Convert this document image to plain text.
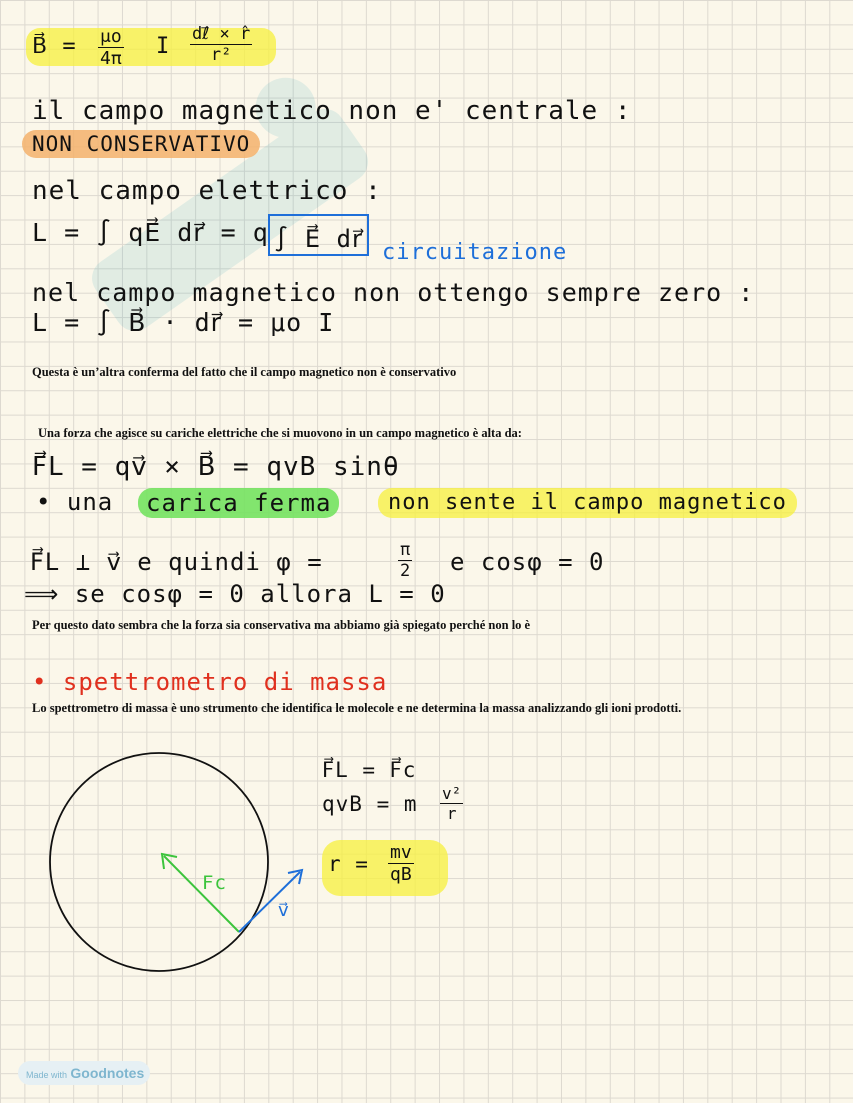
B⃗ = $\frac{\mu o}{4\pi}$ I dℓ⃗ × r̂
r²
il campo magnetico non e' centrale :
NON CONSERVATIVO
nel campo elettrico :
L = ∫ qE⃗ dr⃗ = q ∫ E⃗ dr⃗ circuitazione
nel campo magnetico non ottengo sempre zero :
L = ∫ B⃗ · dr⃗ = μo I
Questa è un’altra conferma del fatto che il campo magnetico non è conservativo
Una forza che agisce su cariche elettriche che si muovono in un campo magnetico è alta da:
F⃗L = qv⃗ × B⃗ = qvB sinθ
• una	carica ferma	non sente il campo magnetico
F⃗L ⊥ v⃗ e quindi φ =	$\frac{\pi}{2}$ e cosφ = 0
⟹ se cosφ = 0 allora L = 0
Per questo dato sembra che la forza sia conservativa ma abbiamo già spiegato perché non lo è
• spettrometro di massa
Lo spettrometro di massa è uno strumento che identifica le molecole e ne determina la massa analizzando gli ioni prodotti.
Fc
v⃗
F⃗L = F⃗c
qvB = m $\frac{\text{v²}}{r}$
$r = \frac{mv}{qB}$
Made with Goodnotes
